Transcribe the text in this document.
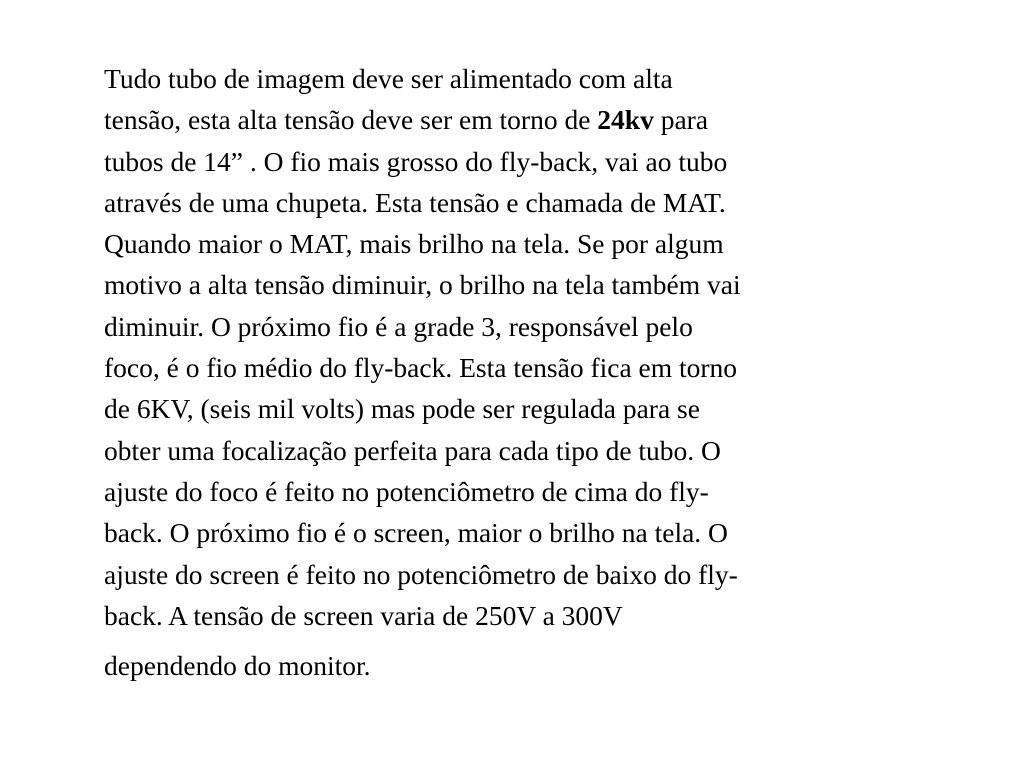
Tudo tubo de imagem deve ser alimentado com alta
tensão, esta alta tensão deve ser em torno de 24kv para
tubos de 14” . O fio mais grosso do fly-back, vai ao tubo
através de uma chupeta. Esta tensão e chamada de MAT.
Quando maior o MAT, mais brilho na tela. Se por algum
motivo a alta tensão diminuir, o brilho na tela também vai
diminuir. O próximo fio é a grade 3, responsável pelo
foco, é o fio médio do fly-back. Esta tensão fica em torno
de 6KV, (seis mil volts) mas pode ser regulada para se
obter uma focalização perfeita para cada tipo de tubo. O
ajuste do foco é feito no potenciômetro de cima do fly-
back. O próximo fio é o screen, maior o brilho na tela. O
ajuste do screen é feito no potenciômetro de baixo do fly-
back. A tensão de screen varia de 250V a 300V
dependendo do monitor.
